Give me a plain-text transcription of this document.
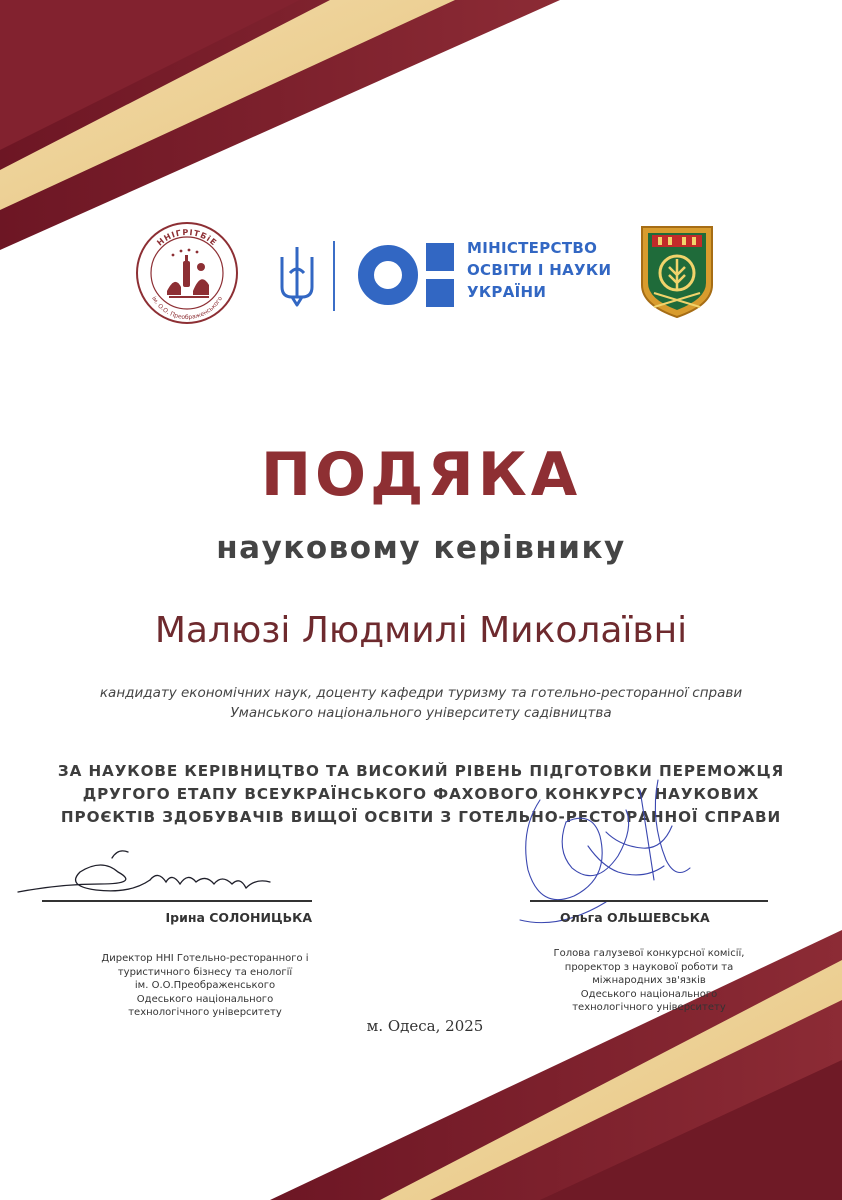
ННІГРІТБіЕ
ім. О.О. Преображенського
МІНІСТЕРСТВО
ОСВІТИ І НАУКИ
УКРАЇНИ
ПОДЯКА
науковому керівнику
Малюзі Людмилі Миколаївні
кандидату економічних наук, доценту кафедри туризму та готельно-ресторанної справи
Уманського національного університету садівництва
ЗА НАУКОВЕ КЕРІВНИЦТВО ТА ВИСОКИЙ РІВЕНЬ ПІДГОТОВКИ ПЕРЕМОЖЦЯ
ДРУГОГО ЕТАПУ ВСЕУКРАЇНСЬКОГО ФАХОВОГО КОНКУРСУ НАУКОВИХ
ПРОЄКТІВ ЗДОБУВАЧІВ ВИЩОЇ ОСВІТИ З ГОТЕЛЬНО-РЕСТОРАННОЇ СПРАВИ
Ірина СОЛОНИЦЬКА	Ольга ОЛЬШЕВСЬКА
Директор ННІ Готельно-ресторанного і
туристичного бізнесу та енології
ім. О.О.Преображенського
Одеського національного
технологічного університету
Голова галузевої конкурсної комісії,
проректор з наукової роботи та
міжнародних зв'язків
Одеського національного
технологічного університету
м. Одеса, 2025
